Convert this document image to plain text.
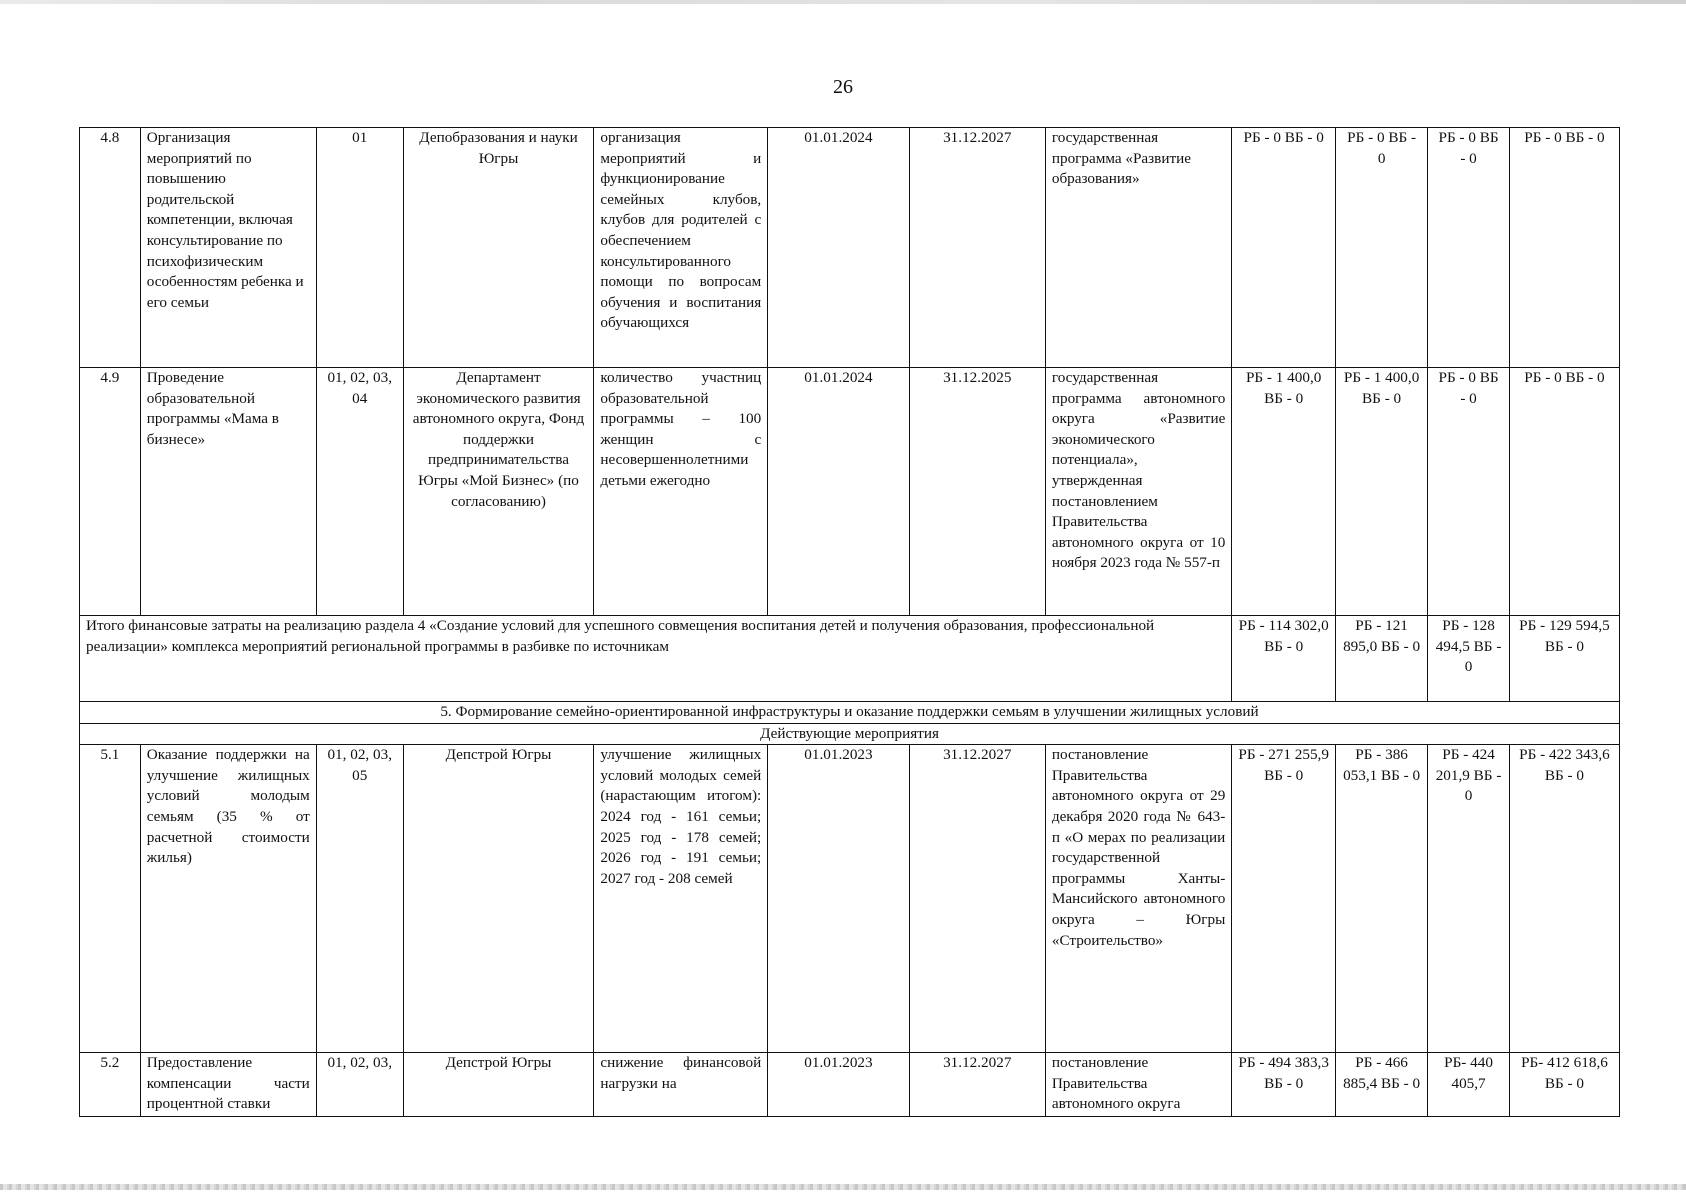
26
4.8	Организация мероприятий по повышению родительской компетенции, включая консультирование по психофизическим особенностям ребенка и его семьи	01	Депобразования и науки Югры	организация мероприятий и функционирование семейных клубов, клубов для родителей с обеспечением консультированного помощи по вопросам обучения и воспитания обучающихся	01.01.2024	31.12.2027	государственная программа «Развитие образования»	РБ - 0 ВБ - 0	РБ - 0 ВБ - 0	РБ - 0 ВБ - 0	РБ - 0 ВБ - 0
4.9	Проведение образовательной программы «Мама в бизнесе»	01, 02, 03, 04	Департамент экономического развития автономного округа, Фонд поддержки предпринимательства Югры «Мой Бизнес» (по согласованию)	количество участниц образовательной программы – 100 женщин с несовершеннолетними детьми ежегодно	01.01.2024	31.12.2025	государственная программа автономного округа «Развитие экономического потенциала», утвержденная постановлением Правительства автономного округа от 10 ноября 2023 года № 557-п	РБ - 1 400,0 ВБ - 0	РБ - 1 400,0 ВБ - 0	РБ - 0 ВБ - 0	РБ - 0 ВБ - 0
Итого финансовые затраты на реализацию раздела 4 «Создание условий для успешного совмещения воспитания детей и получения образования, профессиональной реализации» комплекса мероприятий региональной программы в разбивке по источникам								РБ - 114 302,0 ВБ - 0	РБ - 121 895,0 ВБ - 0	РБ - 128 494,5 ВБ - 0	РБ - 129 594,5 ВБ - 0
5. Формирование семейно-ориентированной инфраструктуры и оказание поддержки семьям в улучшении жилищных условий											
Действующие мероприятия											
5.1	Оказание поддержки на улучшение жилищных условий молодым семьям (35 % от расчетной стоимости жилья)	01, 02, 03, 05	Депстрой Югры	улучшение жилищных условий молодых семей (нарастающим итогом): 2024 год - 161 семьи; 2025 год - 178 семей; 2026 год - 191 семьи; 2027 год - 208 семей	01.01.2023	31.12.2027	постановление Правительства автономного округа от 29 декабря 2020 года № 643-п «О мерах по реализации государственной программы Ханты-Мансийского автономного округа – Югры «Строительство»	РБ - 271 255,9 ВБ - 0	РБ - 386 053,1 ВБ - 0	РБ - 424 201,9 ВБ - 0	РБ - 422 343,6 ВБ - 0
5.2	Предоставление компенсации части процентной ставки	01, 02, 03,	Депстрой Югры	снижение финансовой нагрузки на	01.01.2023	31.12.2027	постановление Правительства автономного округа	РБ - 494 383,3 ВБ - 0	РБ - 466 885,4 ВБ - 0	РБ- 440 405,7	РБ- 412 618,6 ВБ - 0
